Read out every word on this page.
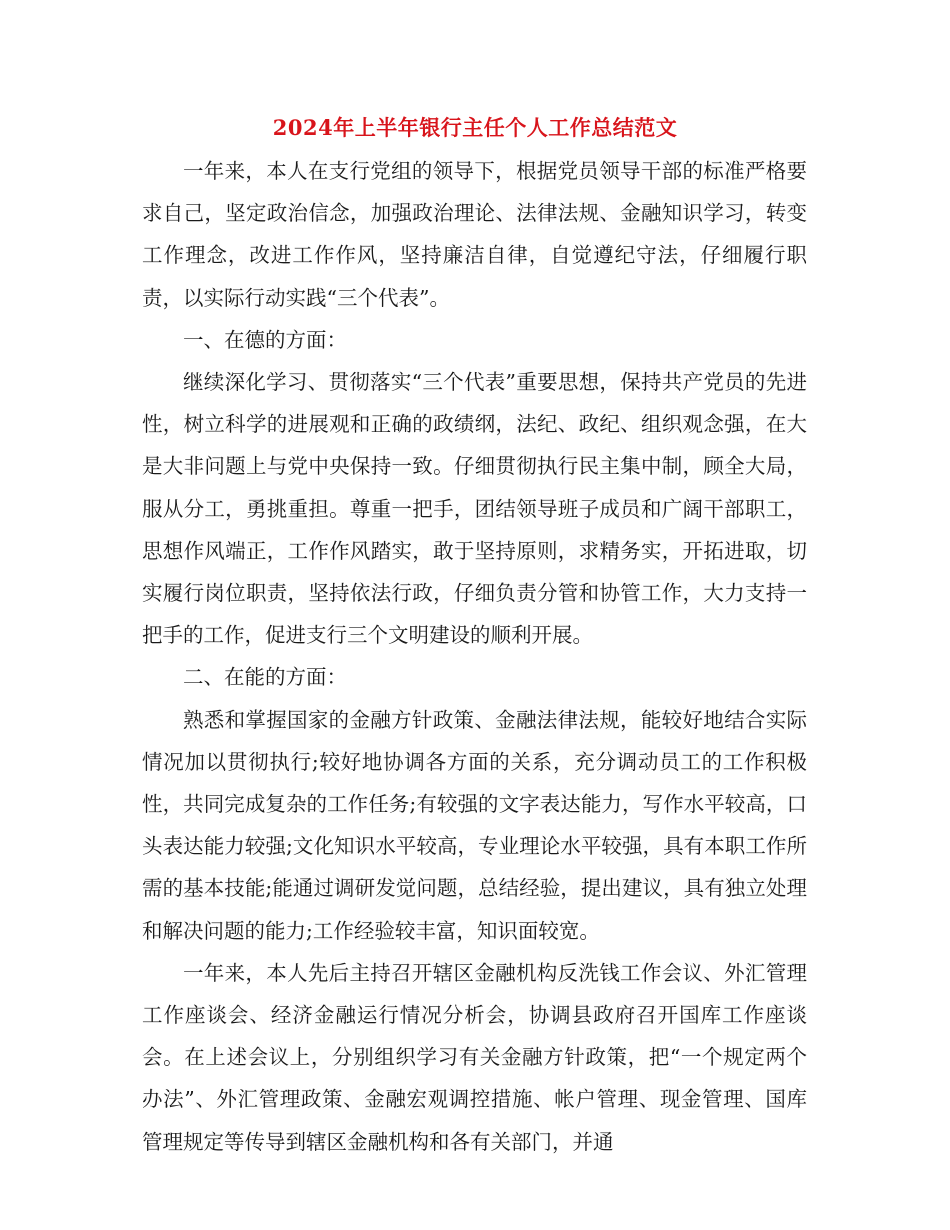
2024年上半年银行主任个人工作总结范文

一年来，本人在支行党组的领导下，根据党员领导干部的标准严格要求自己，坚定政治信念，加强政治理论、法律法规、金融知识学习，转变工作理念，改进工作作风，坚持廉洁自律，自觉遵纪守法，仔细履行职责，以实际行动实践“三个代表”。

一、在德的方面：

继续深化学习、贯彻落实“三个代表”重要思想，保持共产党员的先进性，树立科学的进展观和正确的政绩纲，法纪、政纪、组织观念强，在大是大非问题上与党中央保持一致。仔细贯彻执行民主集中制，顾全大局，服从分工，勇挑重担。尊重一把手，团结领导班子成员和广阔干部职工，思想作风端正，工作作风踏实，敢于坚持原则，求精务实，开拓进取，切实履行岗位职责，坚持依法行政，仔细负责分管和协管工作，大力支持一把手的工作，促进支行三个文明建设的顺利开展。

二、在能的方面：

熟悉和掌握国家的金融方针政策、金融法律法规，能较好地结合实际情况加以贯彻执行;较好地协调各方面的关系，充分调动员工的工作积极性，共同完成复杂的工作任务;有较强的文字表达能力，写作水平较高，口头表达能力较强;文化知识水平较高，专业理论水平较强，具有本职工作所需的基本技能;能通过调研发觉问题，总结经验，提出建议，具有独立处理和解决问题的能力;工作经验较丰富，知识面较宽。

一年来，本人先后主持召开辖区金融机构反洗钱工作会议、外汇管理工作座谈会、经济金融运行情况分析会，协调县政府召开国库工作座谈会。在上述会议上，分别组织学习有关金融方针政策，把“一个规定两个办法”、外汇管理政策、金融宏观调控措施、帐户管理、现金管理、国库管理规定等传导到辖区金融机构和各有关部门，并通
